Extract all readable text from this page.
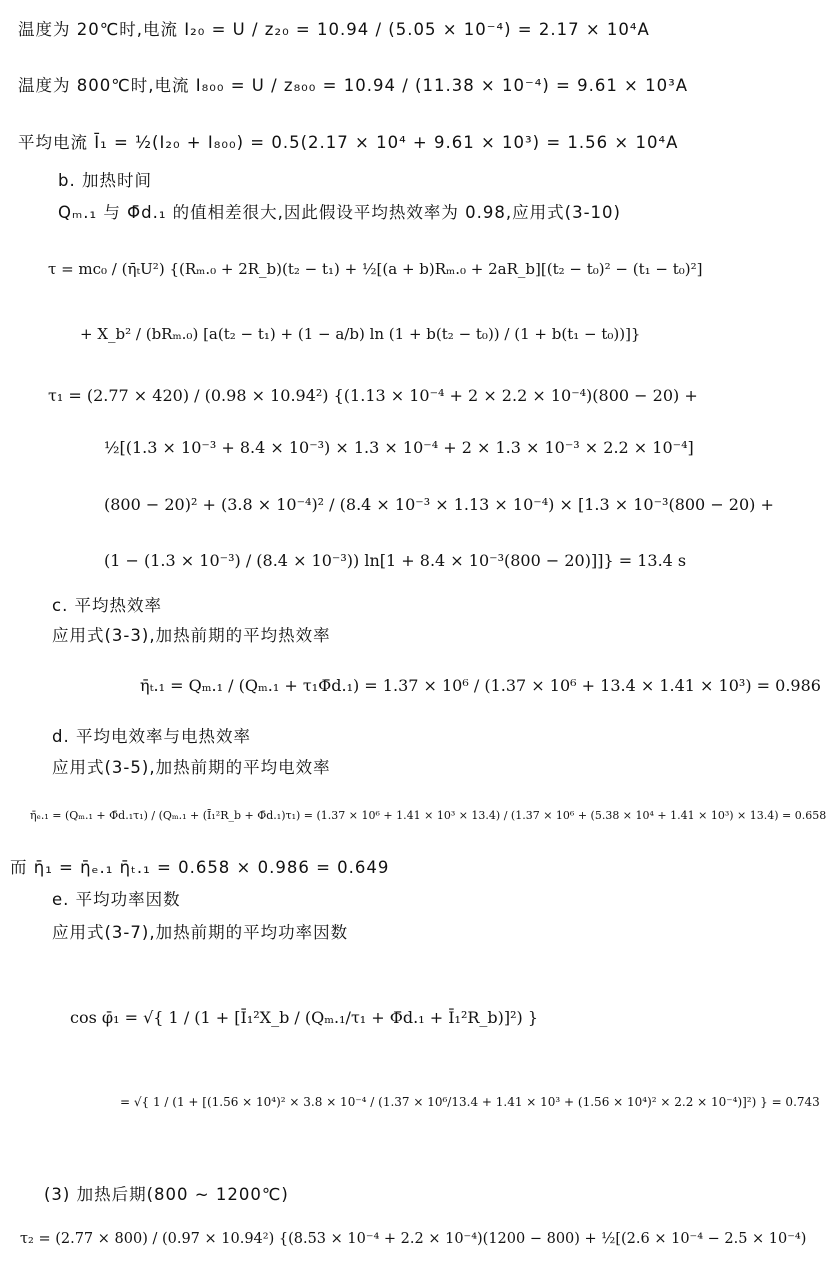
温度为 20℃时,电流 I₂₀ = U / z₂₀ = 10.94 / (5.05 × 10⁻⁴) = 2.17 × 10⁴A
温度为 800℃时,电流 I₈₀₀ = U / z₈₀₀ = 10.94 / (11.38 × 10⁻⁴) = 9.61 × 10³A
平均电流 Ī₁ = ½(I₂₀ + I₈₀₀) = 0.5(2.17 × 10⁴ + 9.61 × 10³) = 1.56 × 10⁴A
b. 加热时间
Qₘ.₁ 与 Φ̄d.₁ 的值相差很大,因此假设平均热效率为 0.98,应用式(3-10)
τ = mc₀ / (η̄ₜU²) {(Rₘ.₀ + 2R_b)(t₂ − t₁) + ½[(a + b)Rₘ.₀ + 2aR_b][(t₂ − t₀)² − (t₁ − t₀)²]
+ X_b² / (bRₘ.₀) [a(t₂ − t₁) + (1 − a/b) ln (1 + b(t₂ − t₀)) / (1 + b(t₁ − t₀))]}
τ₁ = (2.77 × 420) / (0.98 × 10.94²) {(1.13 × 10⁻⁴ + 2 × 2.2 × 10⁻⁴)(800 − 20) +
½[(1.3 × 10⁻³ + 8.4 × 10⁻³) × 1.3 × 10⁻⁴ + 2 × 1.3 × 10⁻³ × 2.2 × 10⁻⁴]
(800 − 20)² + (3.8 × 10⁻⁴)² / (8.4 × 10⁻³ × 1.13 × 10⁻⁴) × [1.3 × 10⁻³(800 − 20) +
(1 − (1.3 × 10⁻³) / (8.4 × 10⁻³)) ln[1 + 8.4 × 10⁻³(800 − 20)]]} = 13.4 s
c. 平均热效率
应用式(3-3),加热前期的平均热效率
η̄ₜ.₁ = Qₘ.₁ / (Qₘ.₁ + τ₁Φ̄d.₁) = 1.37 × 10⁶ / (1.37 × 10⁶ + 13.4 × 1.41 × 10³) = 0.986
d. 平均电效率与电热效率
应用式(3-5),加热前期的平均电效率
η̄ₑ.₁ = (Qₘ.₁ + Φ̄d.₁τ₁) / (Qₘ.₁ + (Ī₁²R_b + Φ̄d.₁)τ₁) = (1.37 × 10⁶ + 1.41 × 10³ × 13.4) / (1.37 × 10⁶ + (5.38 × 10⁴ + 1.41 × 10³) × 13.4) = 0.658
而 η̄₁ = η̄ₑ.₁ η̄ₜ.₁ = 0.658 × 0.986 = 0.649
e. 平均功率因数
应用式(3-7),加热前期的平均功率因数
cos φ̄₁ = √{ 1 / (1 + [Ī₁²X_b / (Qₘ.₁/τ₁ + Φ̄d.₁ + Ī₁²R_b)]²) }
= √{ 1 / (1 + [(1.56 × 10⁴)² × 3.8 × 10⁻⁴ / (1.37 × 10⁶/13.4 + 1.41 × 10³ + (1.56 × 10⁴)² × 2.2 × 10⁻⁴)]²) } = 0.743
(3) 加热后期(800 ~ 1200℃)
τ₂ = (2.77 × 800) / (0.97 × 10.94²) {(8.53 × 10⁻⁴ + 2.2 × 10⁻⁴)(1200 − 800) + ½[(2.6 × 10⁻⁴ − 2.5 × 10⁻⁴)
